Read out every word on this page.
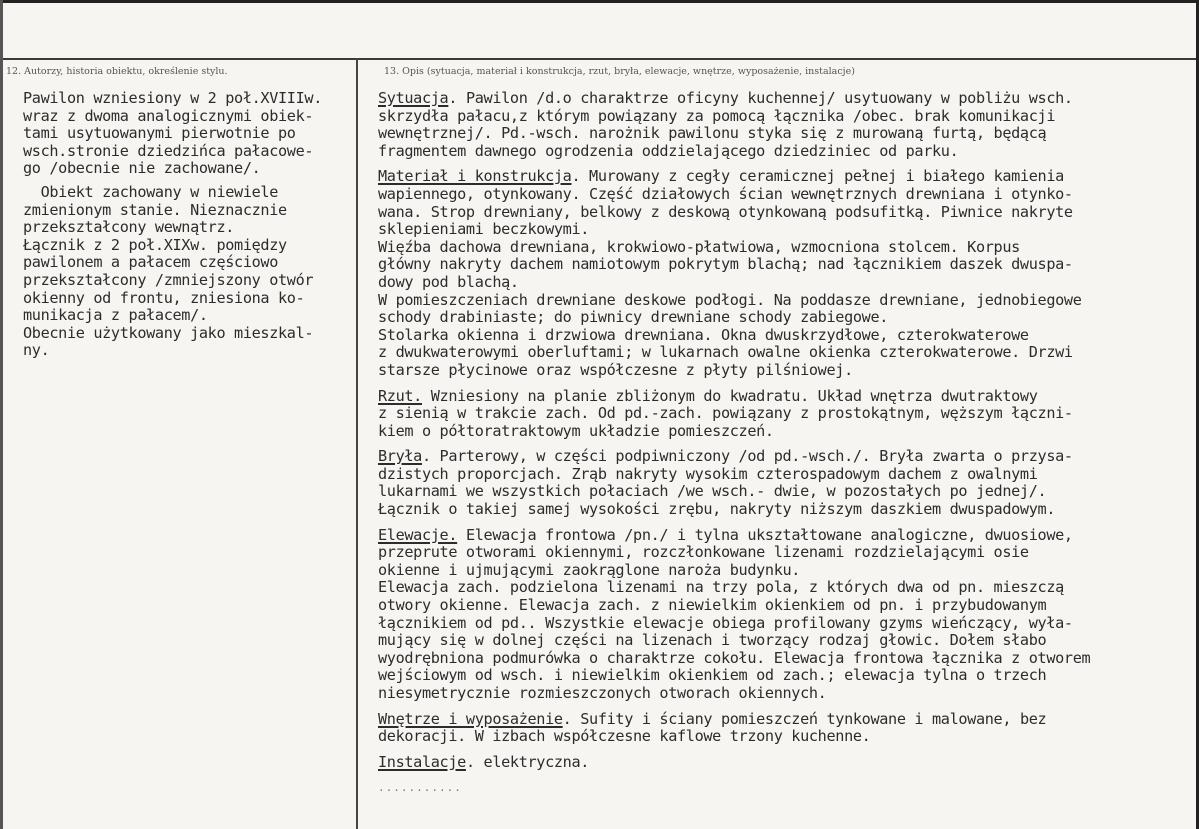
12. Autorzy, historia obiektu, określenie stylu.	13. Opis (sytuacja, materiał i konstrukcja, rzut, bryła, elewacje, wnętrze, wyposażenie, instalacje)
Pawilon wzniesiony w 2 poł.XVIIIw.
wraz z dwoma analogicznymi obiek-
tami usytuowanymi pierwotnie po
wsch.stronie dziedzińca pałacowe-
go /obecnie nie zachowane/.

Obiekt zachowany w niewiele
zmienionym stanie. Nieznacznie
przekształcony wewnątrz.
Łącznik z 2 poł.XIXw. pomiędzy
pawilonem a pałacem częściowo
przekształcony /zmniejszony otwór
okienny od frontu, zniesiona ko-
munikacja z pałacem/.
Obecnie użytkowany jako mieszkal-
ny.
Sytuacja. Pawilon /d.o charaktrze oficyny kuchennej/ usytuowany w pobliżu wsch.
skrzydła pałacu,z którym powiązany za pomocą łącznika /obec. brak komunikacji
wewnętrznej/. Pd.-wsch. narożnik pawilonu styka się z murowaną furtą, będącą
fragmentem dawnego ogrodzenia oddzielającego dziedziniec od parku.
Materiał i konstrukcja. Murowany z cegły ceramicznej pełnej i białego kamienia
wapiennego, otynkowany. Część działowych ścian wewnętrznych drewniana i otynko-
wana. Strop drewniany, belkowy z deskową otynkowaną podsufitką. Piwnice nakryte
sklepieniami beczkowymi.
Więźba dachowa drewniana, krokwiowo-płatwiowa, wzmocniona stolcem. Korpus
główny nakryty dachem namiotowym pokrytym blachą; nad łącznikiem daszek dwuspa-
dowy pod blachą.
W pomieszczeniach drewniane deskowe podłogi. Na poddasze drewniane, jednobiegowe
schody drabiniaste; do piwnicy drewniane schody zabiegowe.
Stolarka okienna i drzwiowa drewniana. Okna dwuskrzydłowe, czterokwaterowe
z dwukwaterowymi oberluftami; w lukarnach owalne okienka czterokwaterowe. Drzwi
starsze płycinowe oraz współczesne z płyty pilśniowej.
Rzut. Wzniesiony na planie zbliżonym do kwadratu. Układ wnętrza dwutraktowy
z sienią w trakcie zach. Od pd.-zach. powiązany z prostokątnym, węższym łączni-
kiem o półtoratraktowym układzie pomieszczeń.
Bryła. Parterowy, w części podpiwniczony /od pd.-wsch./. Bryła zwarta o przysa-
dzistych proporcjach. Zrąb nakryty wysokim czterospadowym dachem z owalnymi
lukarnami we wszystkich połaciach /we wsch.- dwie, w pozostałych po jednej/.
Łącznik o takiej samej wysokości zrębu, nakryty niższym daszkiem dwuspadowym.
Elewacje. Elewacja frontowa /pn./ i tylna ukształtowane analogiczne, dwuosiowe,
przeprute otworami okiennymi, rozczłonkowane lizenami rozdzielającymi osie
okienne i ujmującymi zaokrąglone naroża budynku.
Elewacja zach. podzielona lizenami na trzy pola, z których dwa od pn. mieszczą
otwory okienne. Elewacja zach. z niewielkim okienkiem od pn. i przybudowanym
łącznikiem od pd.. Wszystkie elewacje obiega profilowany gzyms wieńczący, wyła-
mujący się w dolnej części na lizenach i tworzący rodzaj głowic. Dołem słabo
wyodrębniona podmurówka o charaktrze cokołu. Elewacja frontowa łącznika z otworem
wejściowym od wsch. i niewielkim okienkiem od zach.; elewacja tylna o trzech
niesymetrycznie rozmieszczonych otworach okiennych.
Wnętrze i wyposażenie. Sufity i ściany pomieszczeń tynkowane i malowane, bez
dekoracji. W izbach współczesne kaflowe trzony kuchenne.
Instalacje. elektryczna.
...........
